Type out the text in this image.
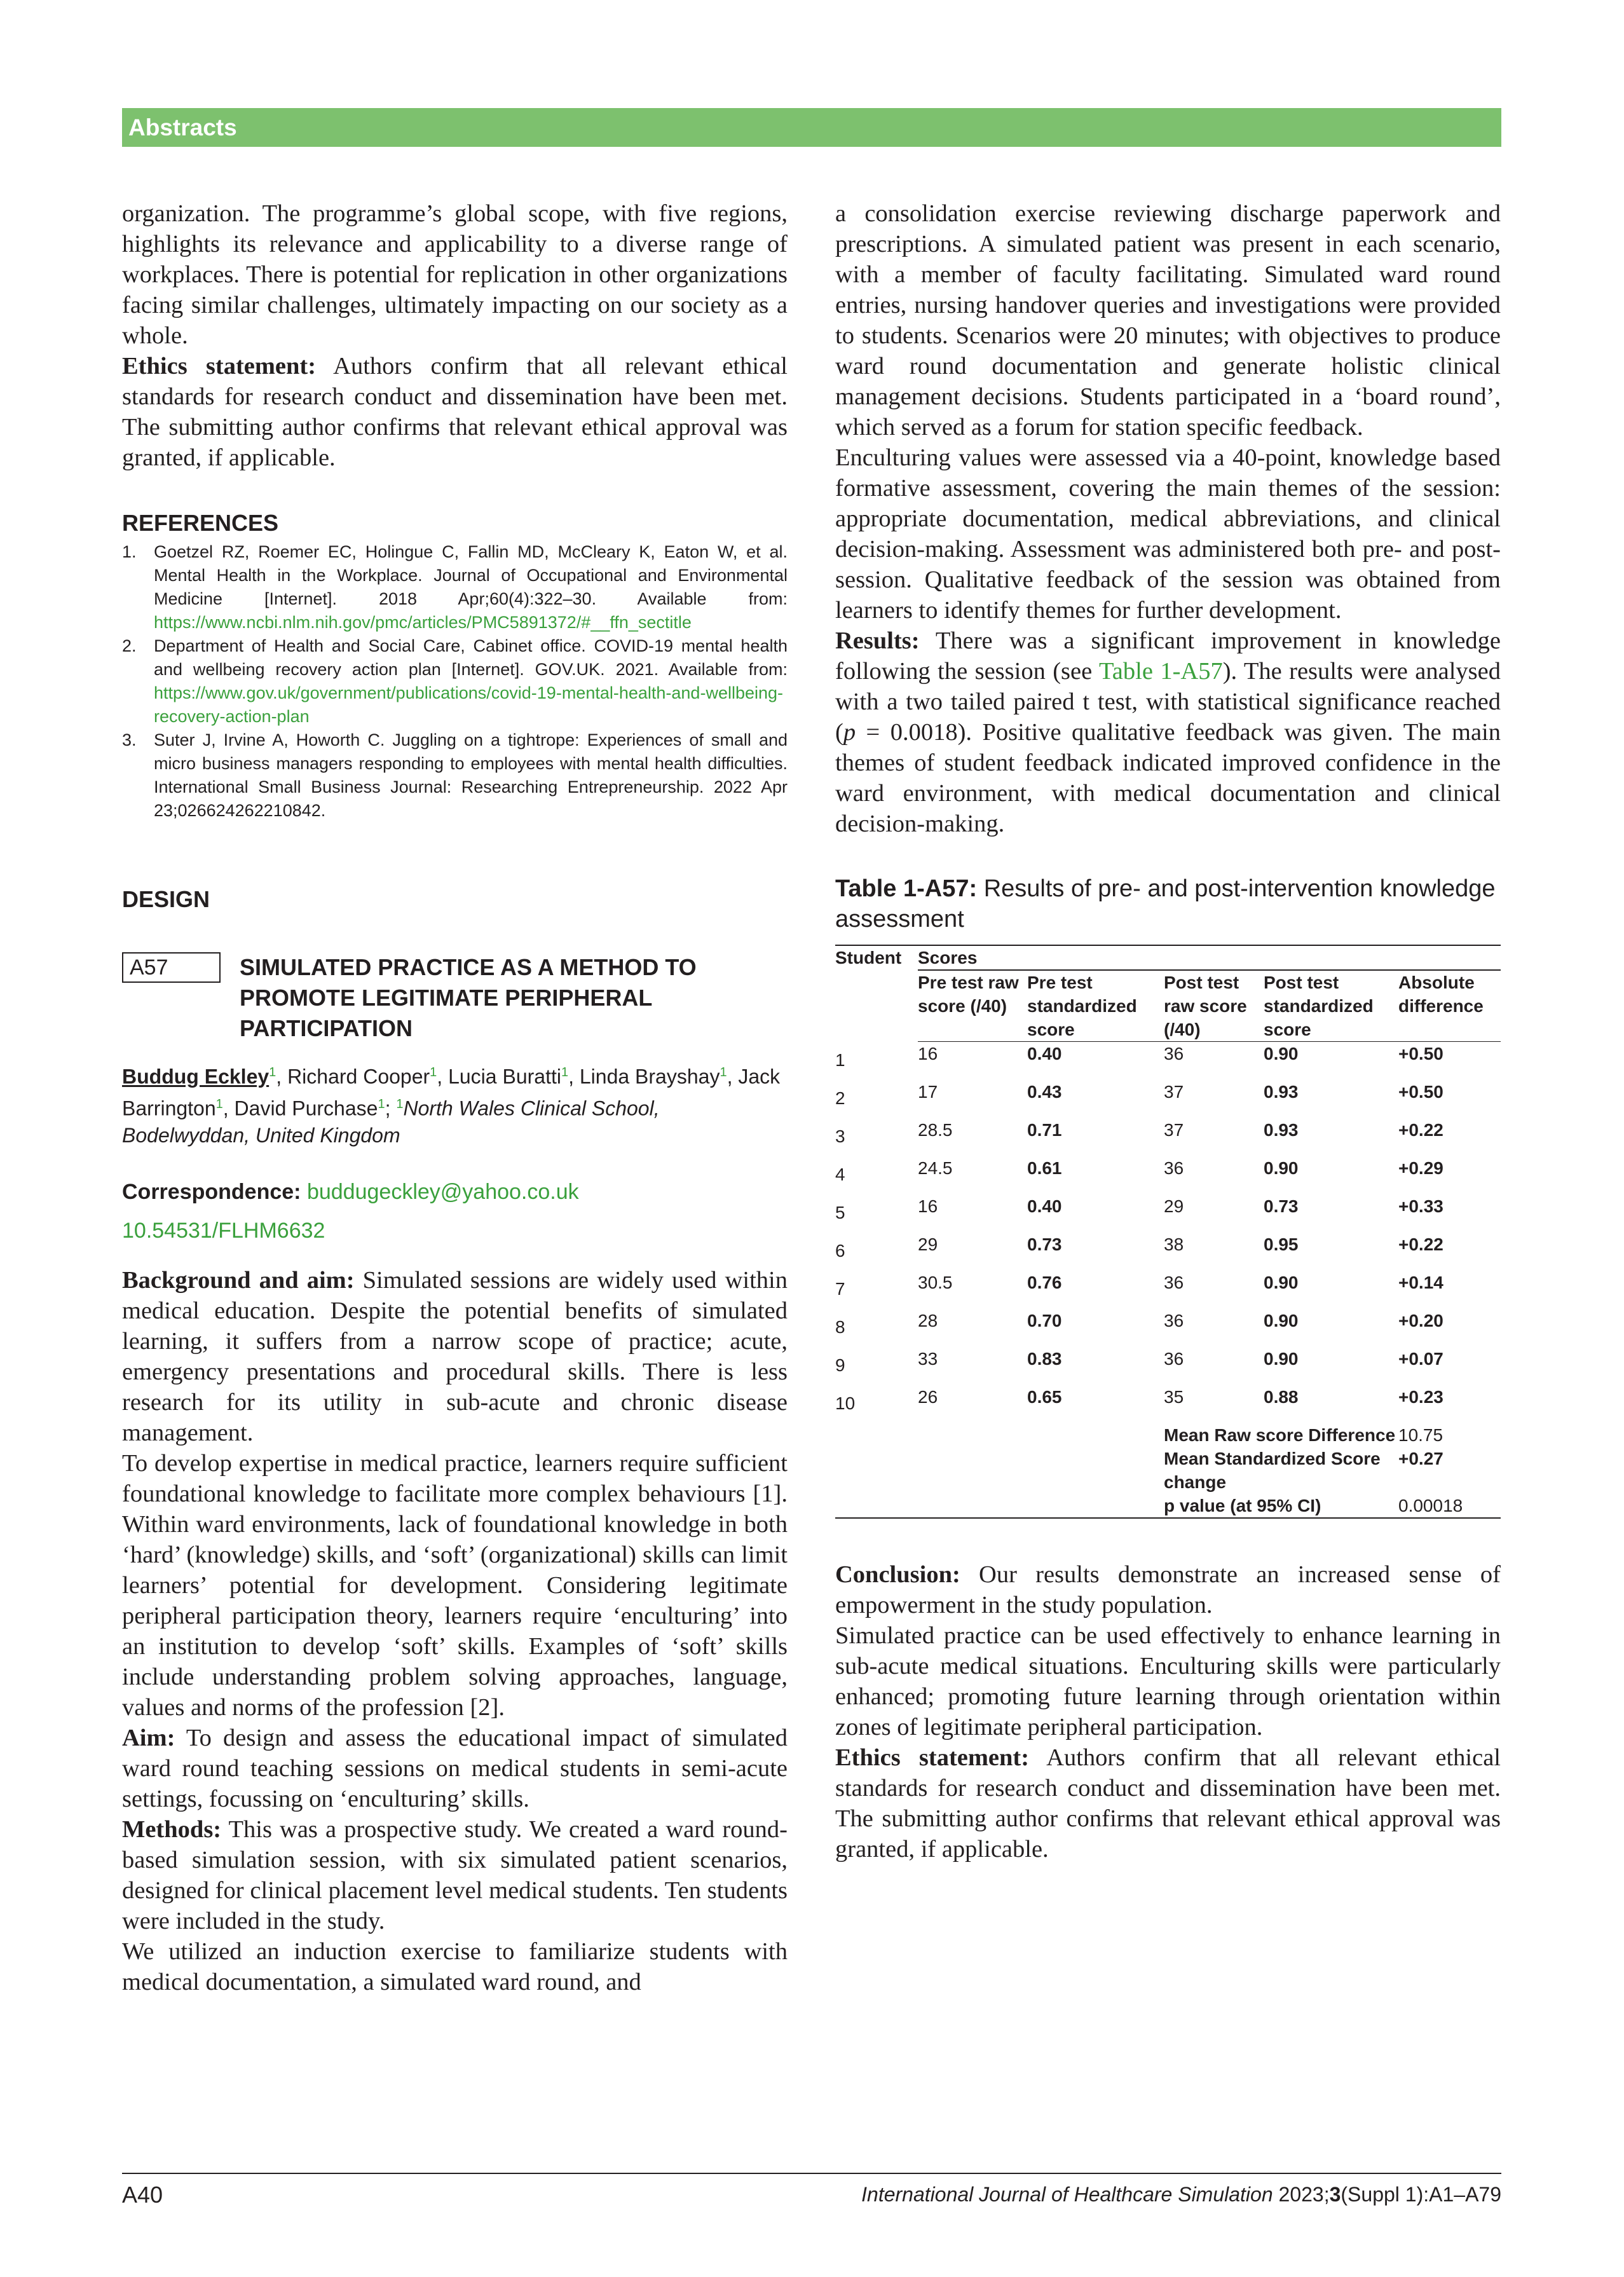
Abstracts

organization. The programme’s global scope, with five regions, highlights its relevance and applicability to a diverse range of workplaces. There is potential for replication in other organizations facing similar challenges, ultimately impacting on our society as a whole.

Ethics statement: Authors confirm that all relevant ethical standards for research conduct and dissemination have been met. The submitting author confirms that relevant ethical approval was granted, if applicable.

REFERENCES
1. Goetzel RZ, Roemer EC, Holingue C, Fallin MD, McCleary K, Eaton W, et al. Mental Health in the Workplace. Journal of Occupational and Environmental Medicine [Internet]. 2018 Apr;60(4):322–30. Available from: https://www.ncbi.nlm.nih.gov/pmc/articles/PMC5891372/#__ffn_sectitle
2. Department of Health and Social Care, Cabinet office. COVID-19 mental health and wellbeing recovery action plan [Internet]. GOV.UK. 2021. Available from: https://www.gov.uk/government/publications/covid-19-mental-health-and-wellbeing-recovery-action-plan
3. Suter J, Irvine A, Howorth C. Juggling on a tightrope: Experiences of small and micro business managers responding to employees with mental health difficulties. International Small Business Journal: Researching Entrepreneurship. 2022 Apr 23;026624262210842.
DESIGN
A57	SIMULATED PRACTICE AS A METHOD TO PROMOTE LEGITIMATE PERIPHERAL PARTICIPATION
Buddug Eckley$^1$, Richard Cooper$^1$, Lucia Buratti$^1$, Linda Brayshay$^1$, Jack Barrington$^1$, David Purchase$^1$; $^1$North Wales Clinical School, Bodelwyddan, United Kingdom
Correspondence: buddugeckley@yahoo.co.uk
10.54531/FLHM6632

Background and aim: Simulated sessions are widely used within medical education. Despite the potential benefits of simulated learning, it suffers from a narrow scope of practice; acute, emergency presentations and procedural skills. There is less research for its utility in sub-acute and chronic disease management.

To develop expertise in medical practice, learners require sufficient foundational knowledge to facilitate more complex behaviours [1]. Within ward environments, lack of foundational knowledge in both ‘hard’ (knowledge) skills, and ‘soft’ (organizational) skills can limit learners’ potential for development. Considering legitimate peripheral participation theory, learners require ‘enculturing’ into an institution to develop ‘soft’ skills. Examples of ‘soft’ skills include understanding problem solving approaches, language, values and norms of the profession [2].

Aim: To design and assess the educational impact of simulated ward round teaching sessions on medical students in semi-acute settings, focussing on ‘enculturing’ skills.

Methods: This was a prospective study. We created a ward round-based simulation session, with six simulated patient scenarios, designed for clinical placement level medical students. Ten students were included in the study.

We utilized an induction exercise to familiarize students with medical documentation, a simulated ward round, and

a consolidation exercise reviewing discharge paperwork and prescriptions. A simulated patient was present in each scenario, with a member of faculty facilitating. Simulated ward round entries, nursing handover queries and investigations were provided to students. Scenarios were 20 minutes; with objectives to produce ward round documentation and generate holistic clinical management decisions. Students participated in a ‘board round’, which served as a forum for station specific feedback.

Enculturing values were assessed via a 40-point, knowledge based formative assessment, covering the main themes of the session: appropriate documentation, medical abbreviations, and clinical decision-making. Assessment was administered both pre- and post-session. Qualitative feedback of the session was obtained from learners to identify themes for further development.

Results: There was a significant improvement in knowledge following the session (see Table 1-A57). The results were analysed with a two tailed paired t test, with statistical significance reached (p = 0.0018). Positive qualitative feedback was given. The main themes of student feedback indicated improved confidence in the ward environment, with medical documentation and clinical decision-making.

Table 1-A57: Results of pre- and post-intervention knowledge assessment
Student	Scores				
	Pre test raw score (/40)	Pre test standardized score	Post test raw score (/40)	Post test standardized score	Absolute difference
1	16	0.40	36	0.90	+0.50
2	17	0.43	37	0.93	+0.50
3	28.5	0.71	37	0.93	+0.22
4	24.5	0.61	36	0.90	+0.29
5	16	0.40	29	0.73	+0.33
6	29	0.73	38	0.95	+0.22
7	30.5	0.76	36	0.90	+0.14
8	28	0.70	36	0.90	+0.20
9	33	0.83	36	0.90	+0.07
10	26	0.65	35	0.88	+0.23
			Mean Raw score Difference		10.75
			Mean Standardized Score change		+0.27
			p value (at 95% CI)		0.00018

Conclusion: Our results demonstrate an increased sense of empowerment in the study population.

Simulated practice can be used effectively to enhance learning in sub-acute medical situations. Enculturing skills were particularly enhanced; promoting future learning through orientation within zones of legitimate peripheral participation.

Ethics statement: Authors confirm that all relevant ethical standards for research conduct and dissemination have been met. The submitting author confirms that relevant ethical approval was granted, if applicable.

A40	International Journal of Healthcare Simulation 2023;3(Suppl 1):A1–A79
